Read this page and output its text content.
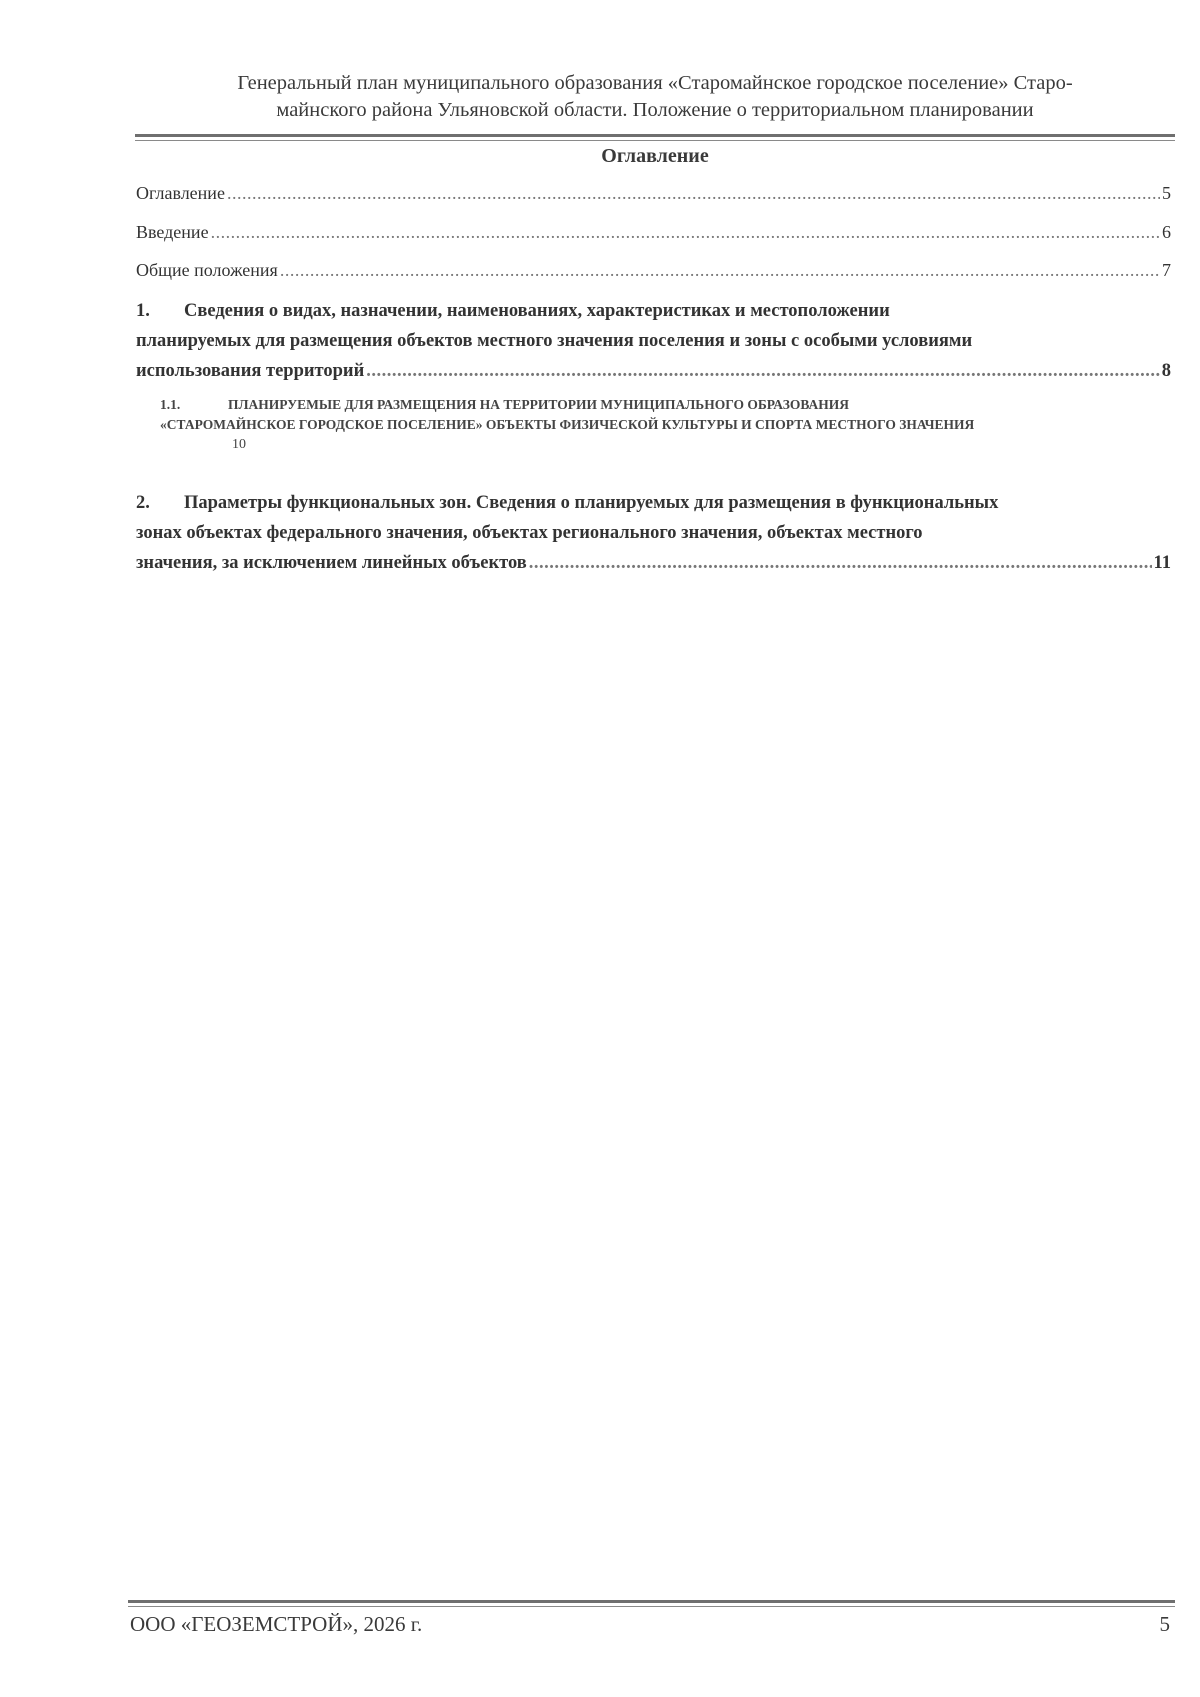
Генеральный план муниципального образования «Старомайнское городское поселение» Старо-
майнского района Ульяновской области. Положение о территориальном планировании
Оглавление
Оглавление .....	5
Введение .....	6
Общие положения .....	7
1. Сведения о видах, назначении, наименованиях, характеристиках и местоположении
планируемых для размещения объектов местного значения поселения и зоны с особыми условиями
использования территорий .....	8
1.1.	ПЛАНИРУЕМЫЕ ДЛЯ РАЗМЕЩЕНИЯ НА ТЕРРИТОРИИ МУНИЦИПАЛЬНОГО ОБРАЗОВАНИЯ
«СТАРОМАЙНСКОЕ ГОРОДСКОЕ ПОСЕЛЕНИЕ» ОБЪЕКТЫ ФИЗИЧЕСКОЙ КУЛЬТУРЫ И СПОРТА МЕСТНОГО ЗНАЧЕНИЯ
10
2. Параметры функциональных зон. Сведения о планируемых для размещения в функциональных
зонах объектах федерального значения, объектах регионального значения, объектах местного
значения, за исключением линейных объектов .....	11
ООО «ГЕОЗЕМСТРОЙ», 2026 г.	5
